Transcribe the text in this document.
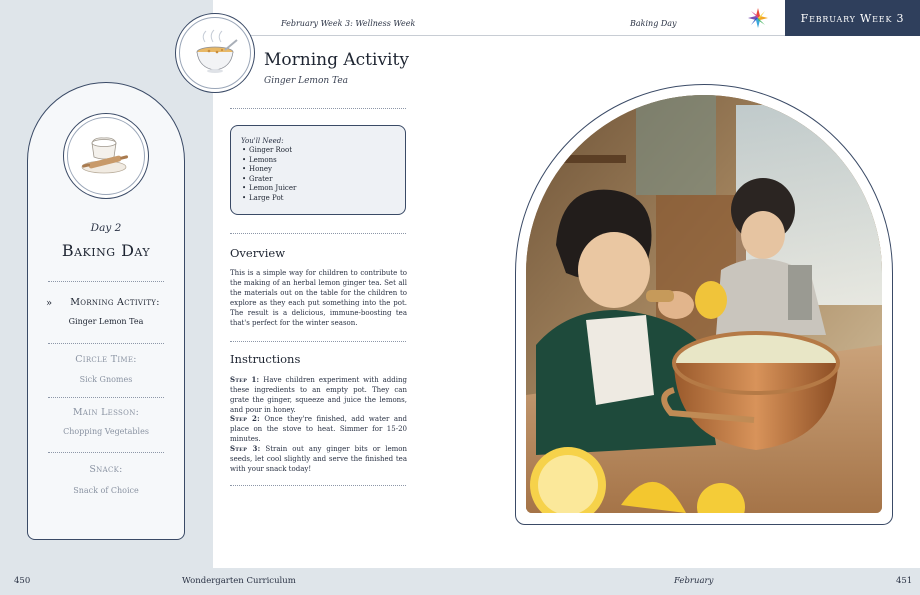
February Week 3: Wellness Week	Baking Day	February Week 3
Day 2
Baking Day
»	Morning Activity:
Ginger Lemon Tea
Circle Time:
Sick Gnomes
Main Lesson:
Chopping Vegetables
Snack:
Snack of Choice
Morning Activity
Ginger Lemon Tea
You'll Need:
• Ginger Root
• Lemons
• Honey
• Grater
• Lemon Juicer
• Large Pot
Overview
This is a simple way for children to contribute to the making of an herbal lemon ginger tea. Set all the materials out on the table for the children to explore as they each put something into the pot. The result is a delicious, immune-boosting tea that's perfect for the winter season.
Instructions
Step 1: Have children experiment with adding these ingredients to an empty pot. They can grate the ginger, squeeze and juice the lemons, and pour in honey.
Step 2: Once they're finished, add water and place on the stove to heat. Simmer for 15-20 minutes.
Step 3: Strain out any ginger bits or lemon seeds, let cool slightly and serve the finished tea with your snack today!
450	Wondergarten Curriculum	February	451
